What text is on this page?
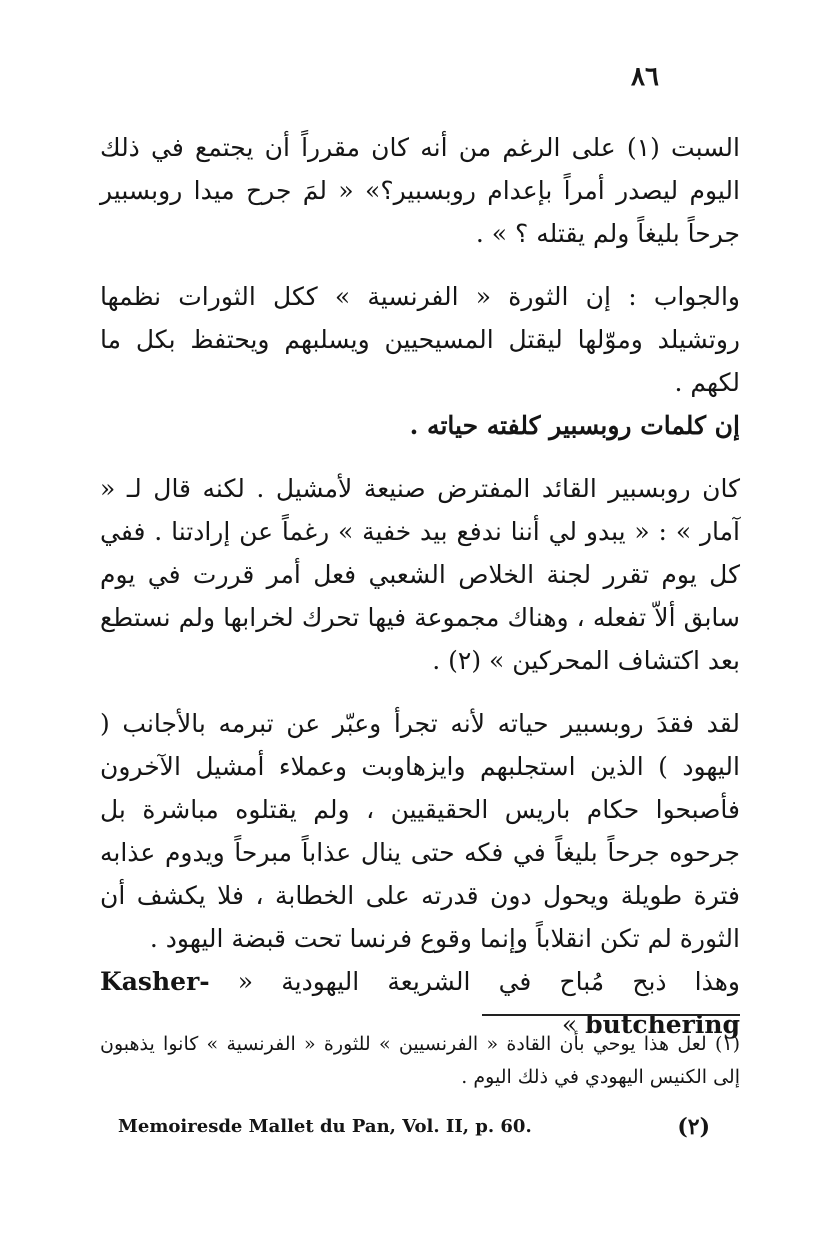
٨٦

السبت (١) على الرغم من أنه كان مقرراً أن يجتمع في ذلك اليوم ليصدر أمراً بإعدام روبسبير؟» « لمَ جرح ميدا روبسبير جرحاً بليغاً ولم يقتله ؟ » .

والجواب : إن الثورة « الفرنسية » ككل الثورات نظمها روتشيلد وموّلها ليقتل المسيحيين ويسلبهم ويحتفظ بكل ما لكهم .
إن كلمات روبسبير كلفته حياته .

كان روبسبير القائد المفترض صنيعة لأمشيل . لكنه قال لـ « آمار » : « يبدو لي أننا ندفع بيد خفية » رغماً عن إرادتنا . ففي كل يوم تقرر لجنة الخلاص الشعبي فعل أمر قررت في يوم سابق ألاّ تفعله ، وهناك مجموعة فيها تحرك لخرابها ولم نستطع بعد اكتشاف المحركين » (٢) .

لقد فقدَ روبسبير حياته لأنه تجرأ وعبّر عن تبرمه بالأجانب ( اليهود ) الذين استجلبهم وايزهاوبت وعملاء أمشيل الآخرون فأصبحوا حكام باريس الحقيقيين ، ولم يقتلوه مباشرة بل جرحوه جرحاً بليغاً في فكه حتى ينال عذاباً مبرحاً ويدوم عذابه فترة طويلة ويحول دون قدرته على الخطابة ، فلا يكشف أن الثورة لم تكن انقلاباً وإنما وقوع فرنسا تحت قبضة اليهود .
وهذا ذبح مُباح في الشريعة اليهودية « Kasher-butchering »

(١) لعل هذا يوحي بأن القادة « الفرنسيين » للثورة « الفرنسية » كانوا يذهبون إلى الكنيس اليهودي في ذلك اليوم .

Memoiresde Mallet du Pan, Vol. II, p. 60.	(٢)
